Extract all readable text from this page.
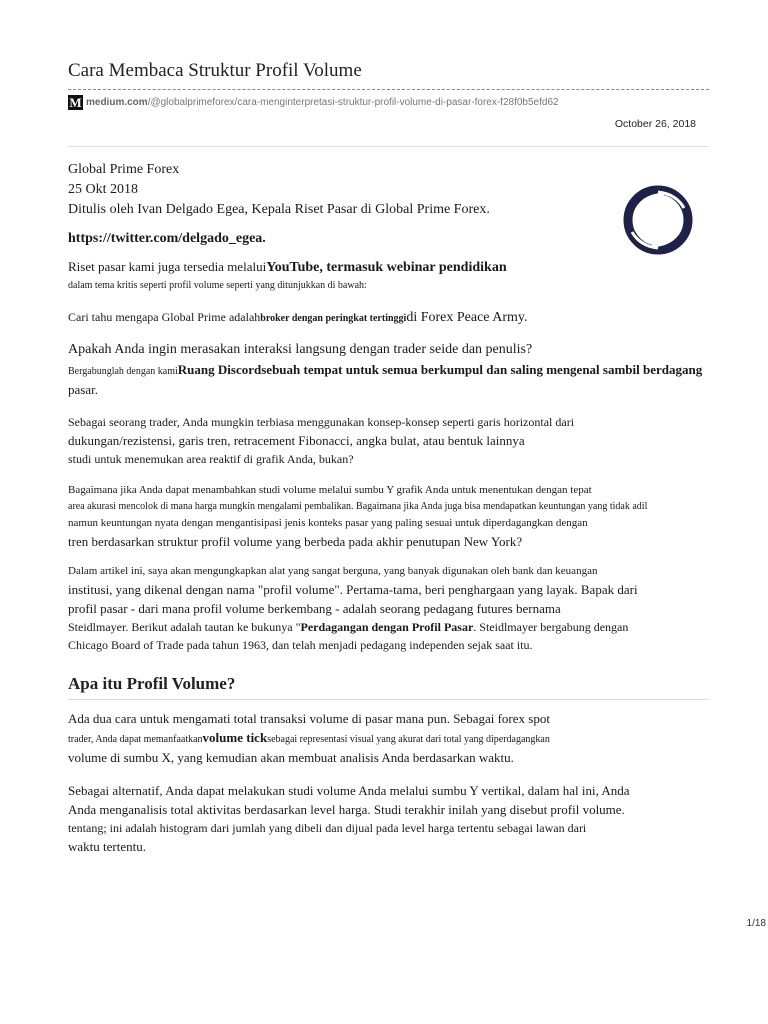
Cara Membaca Struktur Profil Volume
M medium.com /@globalprimeforex/cara-menginterpretasi-struktur-profil-volume-di-pasar-forex-f28f0b5efd62
October 26, 2018
Global Prime Forex
25 Okt 2018
Ditulis oleh Ivan Delgado Egea, Kepala Riset Pasar di Global Prime Forex.
https://twitter.com/delgado_egea.
Riset pasar kami juga tersedia melaluiYouTube, termasuk webinar pendidikan
dalam tema kritis seperti profil volume seperti yang ditunjukkan di bawah:
Cari tahu mengapa Global Prime adalahbroker dengan peringkat tertinggidi Forex Peace Army.
Apakah Anda ingin merasakan interaksi langsung dengan trader seide dan penulis?
Bergabunglah dengan kamiRuang Discordsebuah tempat untuk semua berkumpul dan saling mengenal sambil berdagang
pasar.
Sebagai seorang trader, Anda mungkin terbiasa menggunakan konsep-konsep seperti garis horizontal dari
dukungan/rezistensi, garis tren, retracement Fibonacci, angka bulat, atau bentuk lainnya
studi untuk menemukan area reaktif di grafik Anda, bukan?
Bagaimana jika Anda dapat menambahkan studi volume melalui sumbu Y grafik Anda untuk menentukan dengan tepat
area akurasi mencolok di mana harga mungkin mengalami pembalikan. Bagaimana jika Anda juga bisa mendapatkan keuntungan yang tidak adil
namun keuntungan nyata dengan mengantisipasi jenis konteks pasar yang paling sesuai untuk diperdagangkan dengan
tren berdasarkan struktur profil volume yang berbeda pada akhir penutupan New York?
Dalam artikel ini, saya akan mengungkapkan alat yang sangat berguna, yang banyak digunakan oleh bank dan keuangan
institusi, yang dikenal dengan nama "profil volume". Pertama-tama, beri penghargaan yang layak. Bapak dari
profil pasar - dari mana profil volume berkembang - adalah seorang pedagang futures bernama
Steidlmayer. Berikut adalah tautan ke bukunya "Perdagangan dengan Profil Pasar. Steidlmayer bergabung dengan
Chicago Board of Trade pada tahun 1963, dan telah menjadi pedagang independen sejak saat itu.
Apa itu Profil Volume?
Ada dua cara untuk mengamati total transaksi volume di pasar mana pun. Sebagai forex spot
trader, Anda dapat memanfaatkanvolume ticksebagai representasi visual yang akurat dari total yang diperdagangkan
volume di sumbu X, yang kemudian akan membuat analisis Anda berdasarkan waktu.
Sebagai alternatif, Anda dapat melakukan studi volume Anda melalui sumbu Y vertikal, dalam hal ini, Anda
Anda menganalisis total aktivitas berdasarkan level harga. Studi terakhir inilah yang disebut profil volume.
tentang; ini adalah histogram dari jumlah yang dibeli dan dijual pada level harga tertentu sebagai lawan dari
waktu tertentu.
1/18
